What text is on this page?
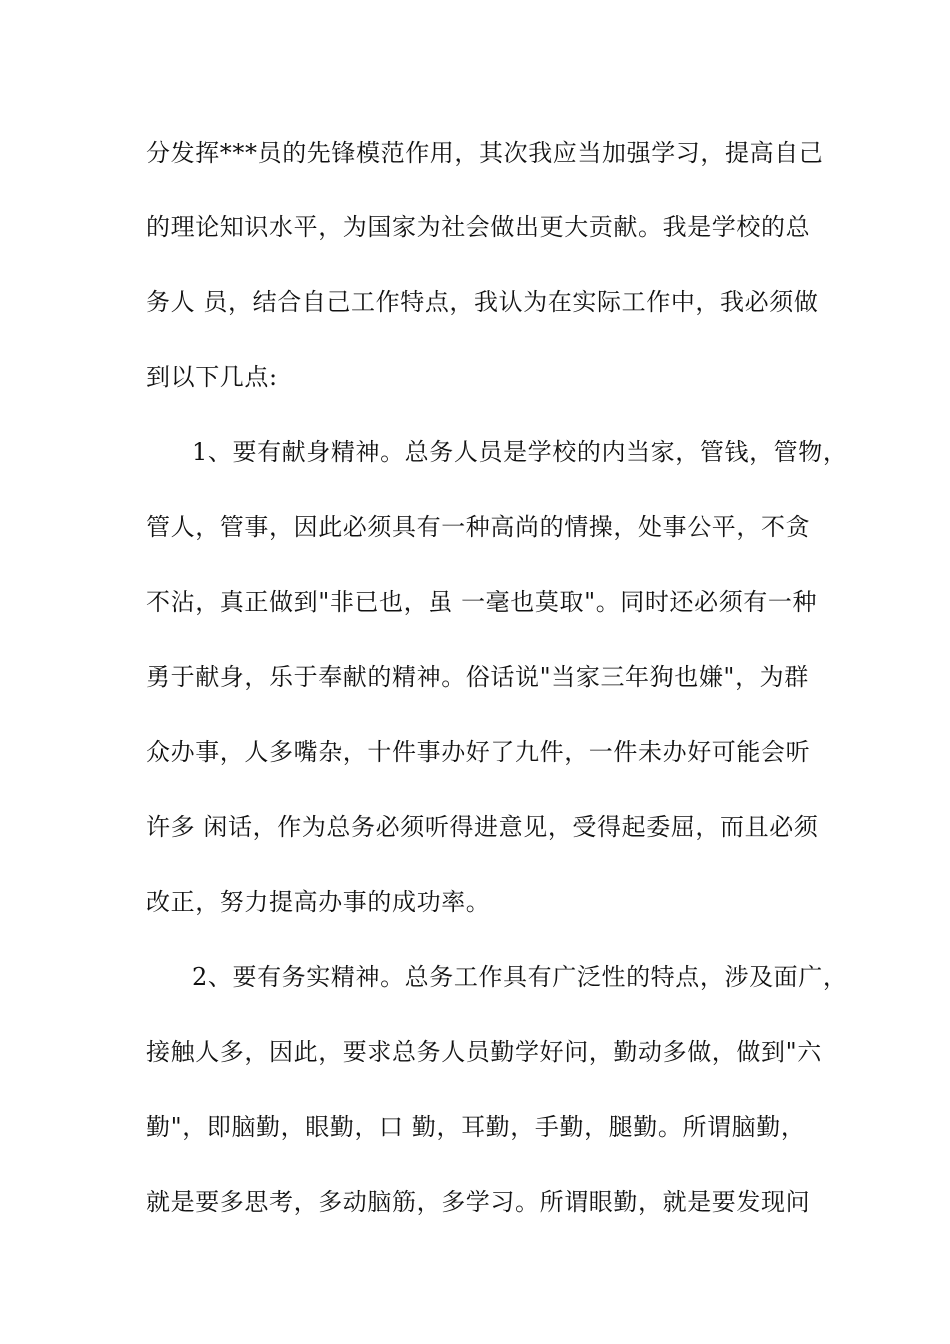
分发挥***员的先锋模范作用，其次我应当加强学习，提高自己
的理论知识水平，为国家为社会做出更大贡献。我是学校的总
务人 员，结合自己工作特点，我认为在实际工作中，我必须做
到以下几点:
1、要有献身精神。总务人员是学校的内当家，管钱，管物，
管人，管事，因此必须具有一种高尚的情操，处事公平，不贪
不沾，真正做到"非已也，虽 一毫也莫取"。同时还必须有一种
勇于献身，乐于奉献的精神。俗话说"当家三年狗也嫌"，为群
众办事，人多嘴杂，十件事办好了九件，一件未办好可能会听
许多 闲话，作为总务必须听得进意见，受得起委屈，而且必须
改正，努力提高办事的成功率。
2、要有务实精神。总务工作具有广泛性的特点，涉及面广，
接触人多，因此，要求总务人员勤学好问，勤动多做，做到"六
勤"，即脑勤，眼勤，口 勤，耳勤，手勤，腿勤。所谓脑勤，
就是要多思考，多动脑筋，多学习。所谓眼勤，就是要发现问
